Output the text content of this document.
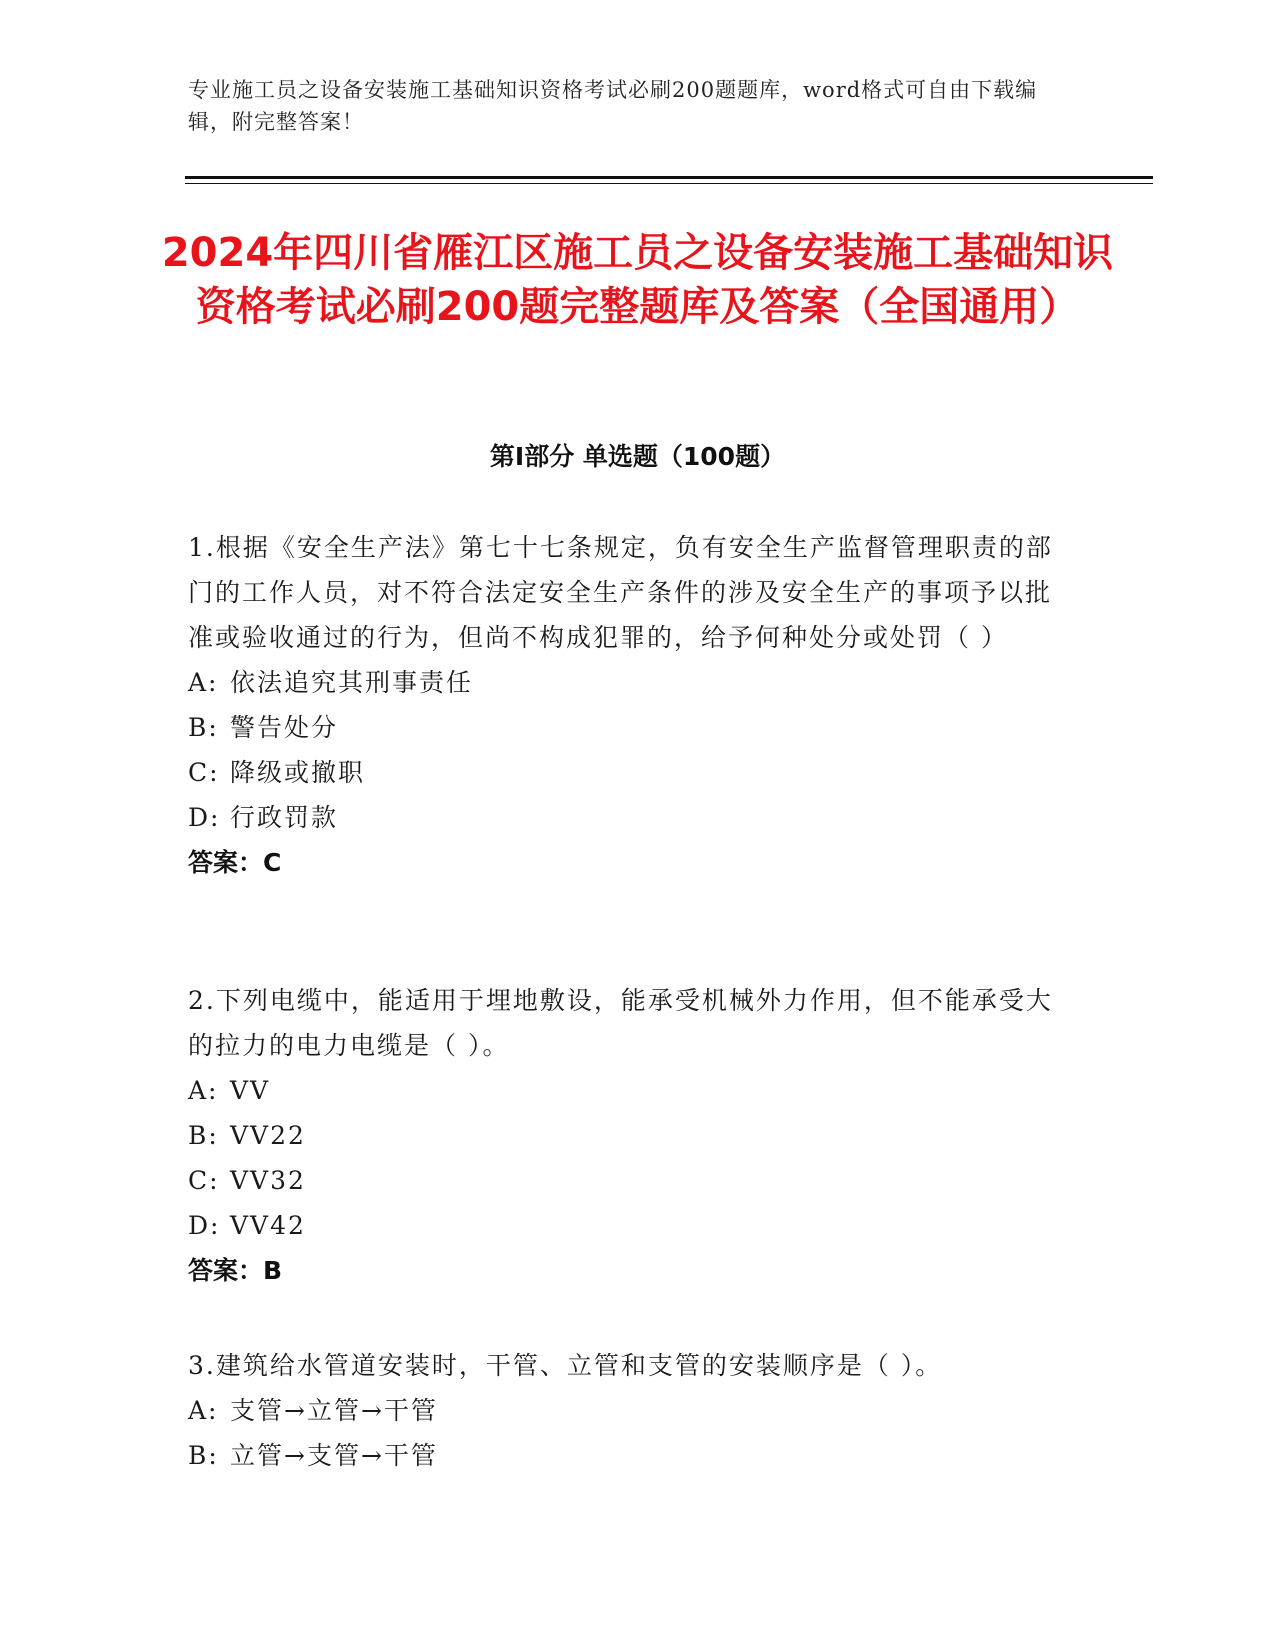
专业施工员之设备安装施工基础知识资格考试必刷200题题库，word格式可自由下载编辑，附完整答案！
2024年四川省雁江区施工员之设备安装施工基础知识资格考试必刷200题完整题库及答案（全国通用）
第Ⅰ部分 单选题（100题）
1.根据《安全生产法》第七十七条规定，负有安全生产监督管理职责的部门的工作人员，对不符合法定安全生产条件的涉及安全生产的事项予以批准或验收通过的行为，但尚不构成犯罪的，给予何种处分或处罚（ ）
A: 依法追究其刑事责任
B: 警告处分
C: 降级或撤职
D: 行政罚款
答案：C
2.下列电缆中，能适用于埋地敷设，能承受机械外力作用，但不能承受大的拉力的电力电缆是（ ）。
A: VV
B: VV22
C: VV32
D: VV42
答案：B
3.建筑给水管道安装时，干管、立管和支管的安装顺序是（ ）。
A: 支管→立管→干管
B: 立管→支管→干管
